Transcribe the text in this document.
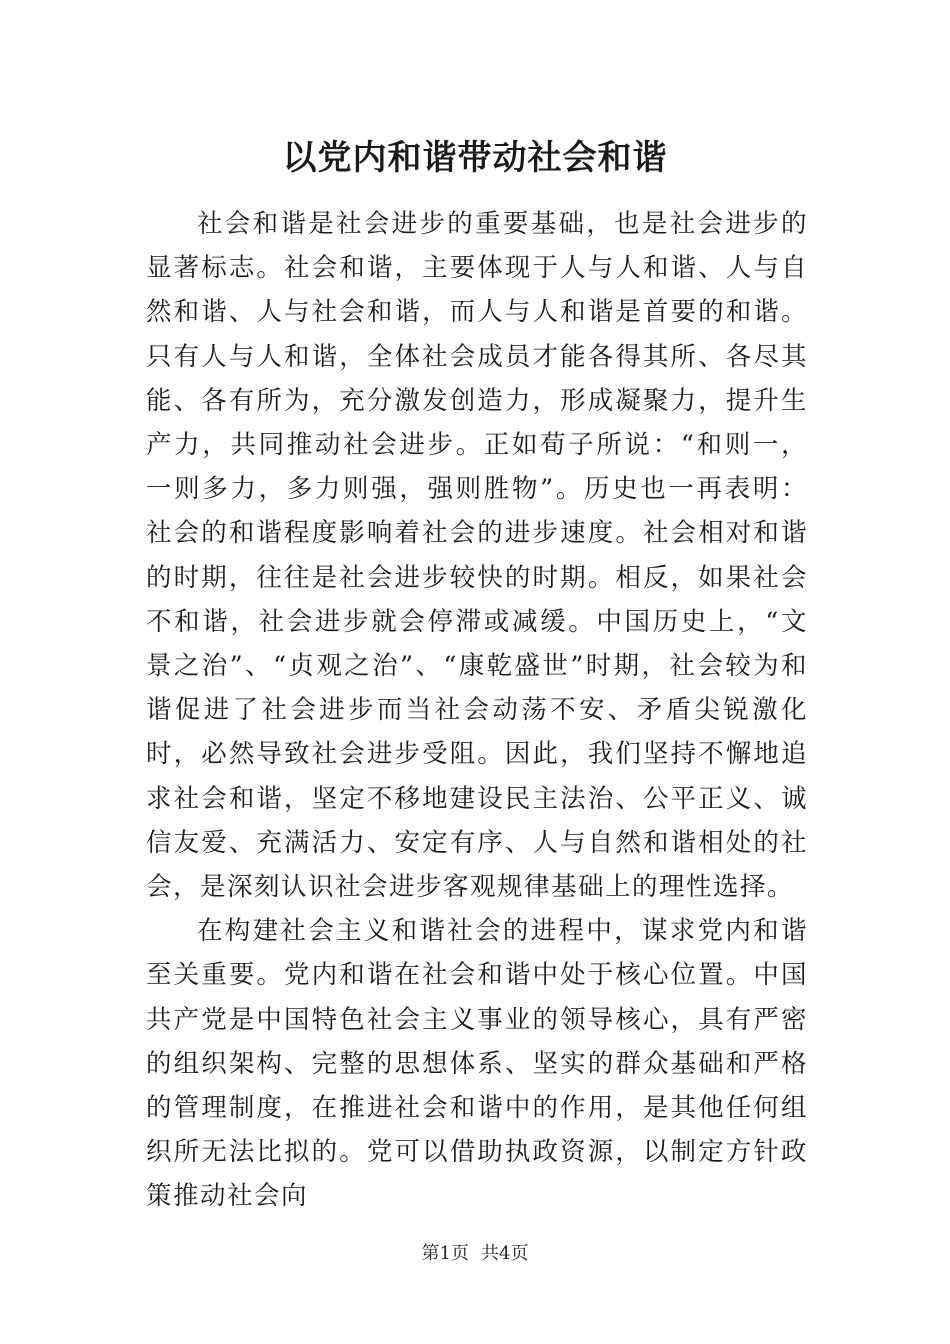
以党内和谐带动社会和谐

社会和谐是社会进步的重要基础，也是社会进步的显著标志。社会和谐，主要体现于人与人和谐、人与自然和谐、人与社会和谐，而人与人和谐是首要的和谐。只有人与人和谐，全体社会成员才能各得其所、各尽其能、各有所为，充分激发创造力，形成凝聚力，提升生产力，共同推动社会进步。正如荀子所说：“和则一，一则多力，多力则强，强则胜物”。历史也一再表明：社会的和谐程度影响着社会的进步速度。社会相对和谐的时期，往往是社会进步较快的时期。相反，如果社会不和谐，社会进步就会停滞或减缓。中国历史上，“文景之治”、“贞观之治”、“康乾盛世”时期，社会较为和谐促进了社会进步而当社会动荡不安、矛盾尖锐激化时，必然导致社会进步受阻。因此，我们坚持不懈地追求社会和谐，坚定不移地建设民主法治、公平正义、诚信友爱、充满活力、安定有序、人与自然和谐相处的社会，是深刻认识社会进步客观规律基础上的理性选择。

在构建社会主义和谐社会的进程中，谋求党内和谐至关重要。党内和谐在社会和谐中处于核心位置。中国共产党是中国特色社会主义事业的领导核心，具有严密的组织架构、完整的思想体系、坚实的群众基础和严格的管理制度，在推进社会和谐中的作用，是其他任何组织所无法比拟的。党可以借助执政资源，以制定方针政策推动社会向

第1页 共4页
